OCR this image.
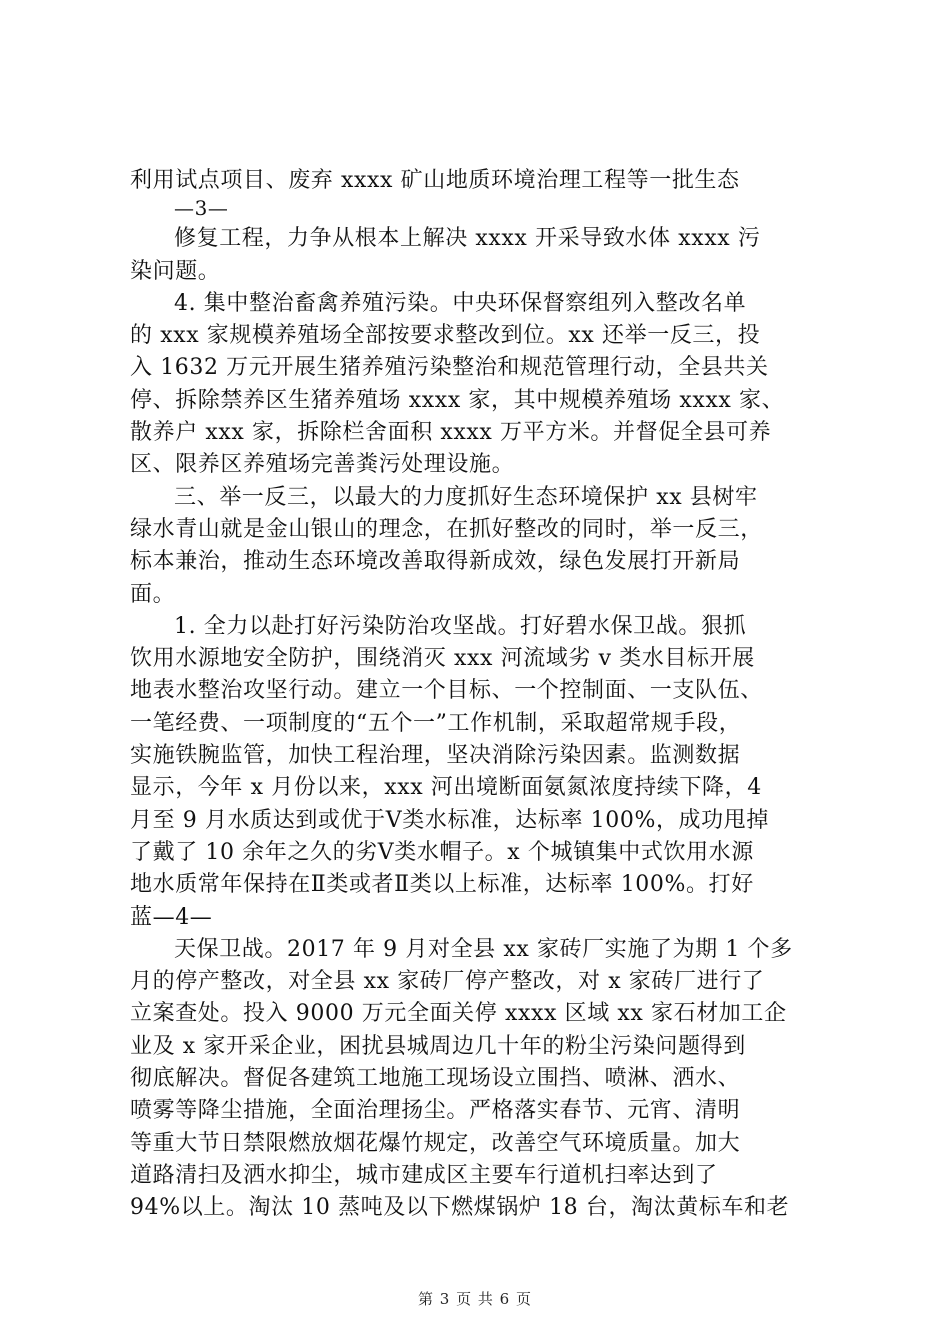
利用试点项目、废弃 xxxx 矿山地质环境治理工程等一批生态
—3—
修复工程，力争从根本上解决 xxxx 开采导致水体 xxxx 污
染问题。
4. 集中整治畜禽养殖污染。中央环保督察组列入整改名单
的 xxx 家规模养殖场全部按要求整改到位。xx 还举一反三，投
入 1632 万元开展生猪养殖污染整治和规范管理行动，全县共关
停、拆除禁养区生猪养殖场 xxxx 家，其中规模养殖场 xxxx 家、
散养户 xxx 家，拆除栏舍面积 xxxx 万平方米。并督促全县可养
区、限养区养殖场完善粪污处理设施。
三、举一反三，以最大的力度抓好生态环境保护 xx 县树牢
绿水青山就是金山银山的理念，在抓好整改的同时，举一反三，
标本兼治，推动生态环境改善取得新成效，绿色发展打开新局
面。
1. 全力以赴打好污染防治攻坚战。打好碧水保卫战。狠抓
饮用水源地安全防护，围绕消灭 xxx 河流域劣 v 类水目标开展
地表水整治攻坚行动。建立一个目标、一个控制面、一支队伍、
一笔经费、一项制度的“五个一”工作机制，采取超常规手段，
实施铁腕监管，加快工程治理，坚决消除污染因素。监测数据
显示，今年 x 月份以来，xxx 河出境断面氨氮浓度持续下降，4
月至 9 月水质达到或优于Ⅴ类水标准，达标率 100%，成功甩掉
了戴了 10 余年之久的劣Ⅴ类水帽子。x 个城镇集中式饮用水源
地水质常年保持在Ⅱ类或者Ⅱ类以上标准，达标率 100%。打好
蓝—4—
天保卫战。2017 年 9 月对全县 xx 家砖厂实施了为期 1 个多
月的停产整改，对全县 xx 家砖厂停产整改，对 x 家砖厂进行了
立案查处。投入 9000 万元全面关停 xxxx 区域 xx 家石材加工企
业及 x 家开采企业，困扰县城周边几十年的粉尘污染问题得到
彻底解决。督促各建筑工地施工现场设立围挡、喷淋、洒水、
喷雾等降尘措施，全面治理扬尘。严格落实春节、元宵、清明
等重大节日禁限燃放烟花爆竹规定，改善空气环境质量。加大
道路清扫及洒水抑尘，城市建成区主要车行道机扫率达到了
94%以上。淘汰 10 蒸吨及以下燃煤锅炉 18 台，淘汰黄标车和老
第 3 页 共 6 页
